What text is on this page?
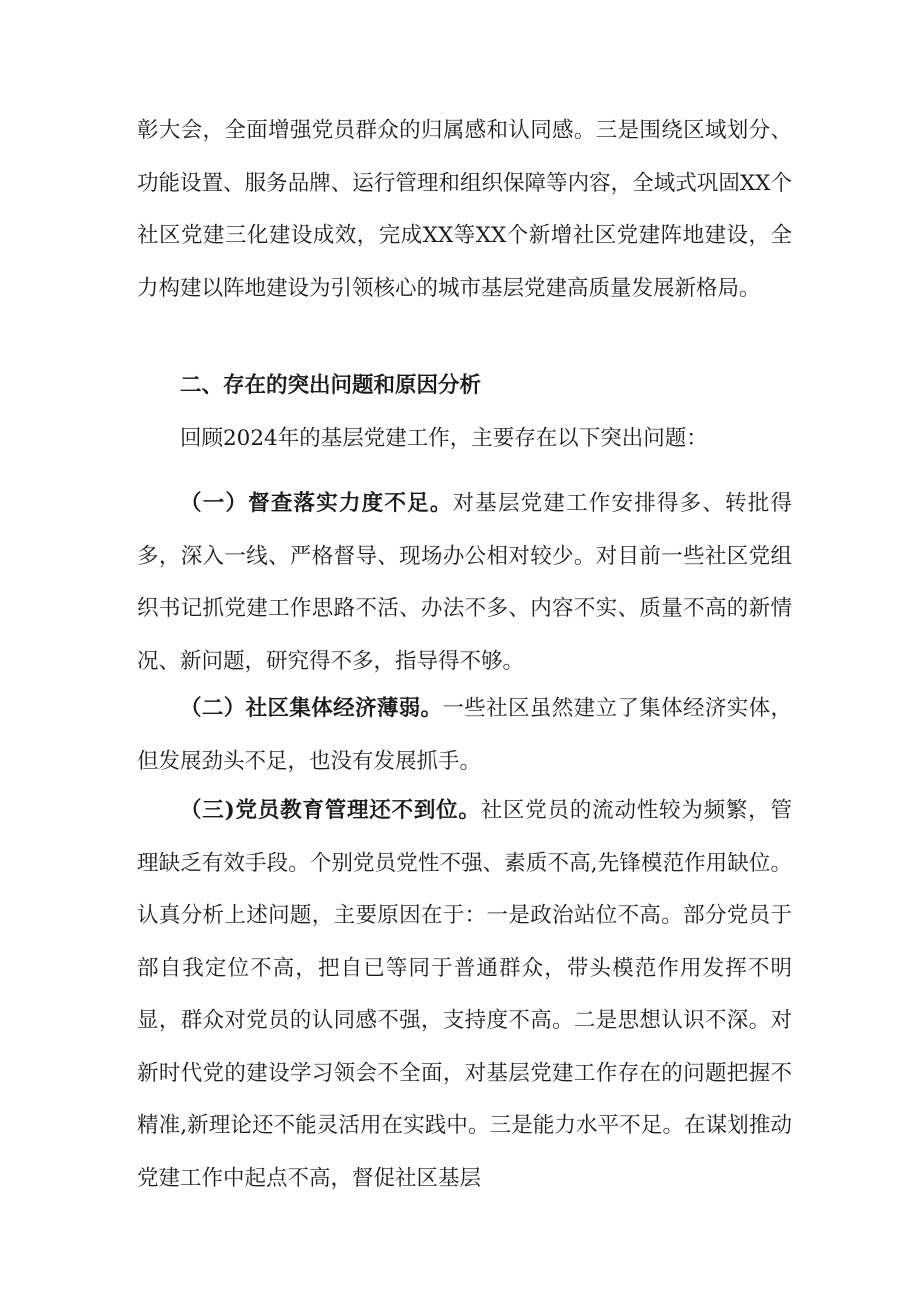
彰大会，全面增强党员群众的归属感和认同感。三是围绕区域划分、功能设置、服务品牌、运行管理和组织保障等内容，全域式巩固XX个社区党建三化建设成效，完成XX等XX个新增社区党建阵地建设，全力构建以阵地建设为引领核心的城市基层党建高质量发展新格局。

二、存在的突出问题和原因分析

回顾2024年的基层党建工作，主要存在以下突出问题：

（一）督查落实力度不足。对基层党建工作安排得多、转批得多，深入一线、严格督导、现场办公相对较少。对目前一些社区党组织书记抓党建工作思路不活、办法不多、内容不实、质量不高的新情况、新问题，研究得不多，指导得不够。

（二）社区集体经济薄弱。一些社区虽然建立了集体经济实体，但发展劲头不足，也没有发展抓手。

（三)党员教育管理还不到位。社区党员的流动性较为频繁，管理缺乏有效手段。个别党员党性不强、素质不高,先锋模范作用缺位。认真分析上述问题，主要原因在于：一是政治站位不高。部分党员于部自我定位不高，把自已等同于普通群众，带头模范作用发挥不明显，群众对党员的认同感不强，支持度不高。二是思想认识不深。对新时代党的建设学习领会不全面，对基层党建工作存在的问题把握不精准,新理论还不能灵活用在实践中。三是能力水平不足。在谋划推动党建工作中起点不高，督促社区基层
